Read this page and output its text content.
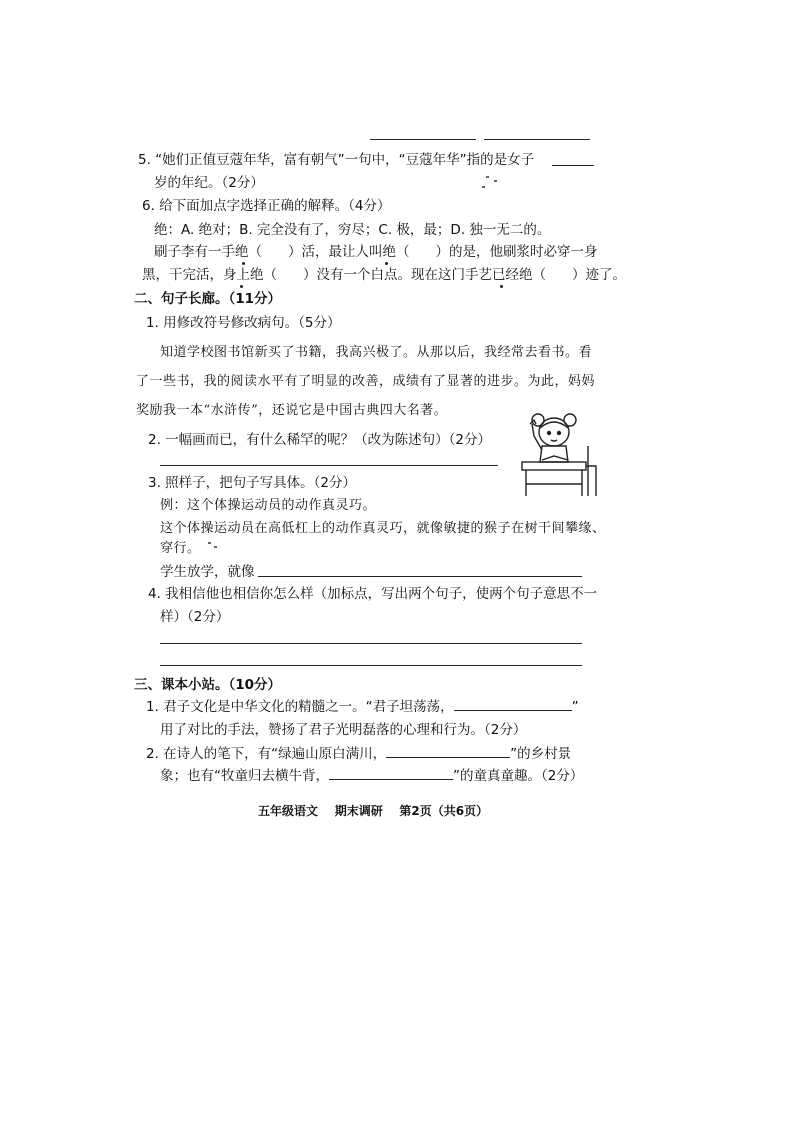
5. “她们正值豆蔻年华，富有朝气”一句中，“豆蔻年华”指的是女子
岁的年纪。（2分）
6. 给下面加点字选择正确的解释。（4分）
绝：A. 绝对；B. 完全没有了，穷尽；C. 极，最；D. 独一无二的。
刷子李有一手绝（ ）活，最让人叫绝（ ）的是，他刷浆时必穿一身
黑，干完活，身上绝（ ）没有一个白点。现在这门手艺已经绝（ ）迹了。
二、句子长廊。（11分）
1. 用修改符号修改病句。（5分）
知道学校图书馆新买了书籍，我高兴极了。从那以后，我经常去看书。看
了一些书，我的阅读水平有了明显的改善，成绩有了显著的进步。为此，妈妈
奖励我一本“水浒传”，还说它是中国古典四大名著。
2. 一幅画而已，有什么稀罕的呢？（改为陈述句）（2分）
3. 照样子，把句子写具体。（2分）
例：这个体操运动员的动作真灵巧。
这个体操运动员在高低杠上的动作真灵巧，就像敏捷的猴子在树干间攀缘、
穿行。
学生放学，就像
4. 我相信他也相信你怎么样（加标点，写出两个句子，使两个句子意思不一
样）（2分）
三、课本小站。（10分）
1. 君子文化是中华文化的精髓之一。“君子坦荡荡，	”
用了对比的手法，赞扬了君子光明磊落的心理和行为。（2分）
2. 在诗人的笔下，有“绿遍山原白满川，	”的乡村景
象；也有“牧童归去横牛背，	”的童真童趣。（2分）
五年级语文    期末调研    第2页（共6页）
